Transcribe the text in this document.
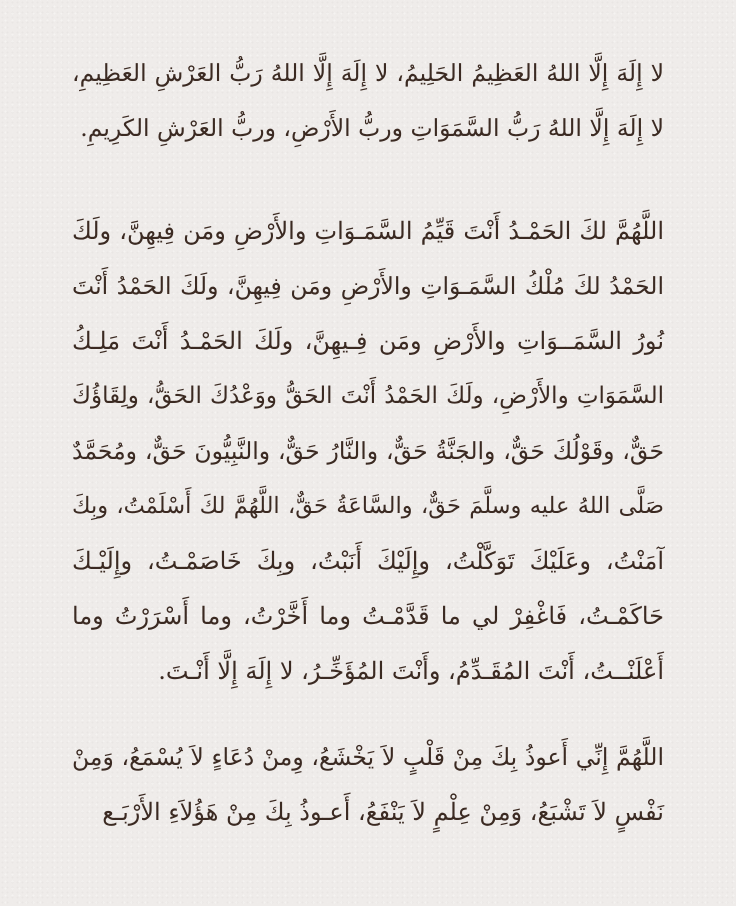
لا إِلَهَ إِلَّا اللهُ العَظِيمُ الحَلِيمُ، لا إِلَهَ إِلَّا اللهُ رَبُّ العَرْشِ العَظِيمِ،
لا إِلَهَ إِلَّا اللهُ رَبُّ السَّمَوَاتِ وربُّ الأَرْضِ، وربُّ العَرْشِ الكَرِيمِ.
اللَّهُمَّ لكَ الحَمْـدُ أَنْتَ قَيِّمُ السَّمَـوَاتِ والأَرْضِ ومَن فِيهِنَّ، ولَكَ
الحَمْدُ لكَ مُلْكُ السَّمَـوَاتِ والأَرْضِ ومَن فِيهِنَّ، ولَكَ الحَمْدُ أَنْتَ
نُورُ السَّمَــوَاتِ والأَرْضِ ومَن فِـيهِنَّ، ولَكَ الحَمْـدُ أَنْتَ مَلِـكُ
السَّمَوَاتِ والأَرْضِ، ولَكَ الحَمْدُ أَنْتَ الحَقُّ ووَعْدُكَ الحَقُّ، ولِقَاؤُكَ
حَقٌّ، وقَوْلُكَ حَقٌّ، والجَنَّةُ حَقٌّ، والنَّارُ حَقٌّ، والنَّبِيُّونَ حَقٌّ، ومُحَمَّدٌ
صَلَّى اللهُ عليه وسلَّمَ حَقٌّ، والسَّاعَةُ حَقٌّ، اللَّهُمَّ لكَ أَسْلَمْتُ، وبِكَ
آمَنْتُ، وعَلَيْكَ تَوَكَّلْتُ، وإِلَيْكَ أَنَبْتُ، وبِكَ خَاصَمْـتُ، وإِلَيْـكَ
حَاكَمْـتُ، فَاغْفِرْ لي ما قَدَّمْـتُ وما أَخَّرْتُ، وما أَسْرَرْتُ وما
أَعْلَنْــتُ، أَنْتَ المُقَـدِّمُ، وأَنْتَ المُؤَخِّـرُ، لا إِلَهَ إِلَّا أَنْـتَ.
اللَّهُمَّ إِنِّي أَعوذُ بِكَ مِنْ قَلْبٍ لاَ يَخْشَعُ، وِمنْ دُعَاءٍ لاَ يُسْمَعُ، وَمِنْ
نَفْسٍ لاَ تَشْبَعُ، وَمِنْ عِلْمٍ لاَ يَنْفَعُ، أَعـوذُ بِكَ مِنْ هَؤُلاَءِ الأَرْبَـع
